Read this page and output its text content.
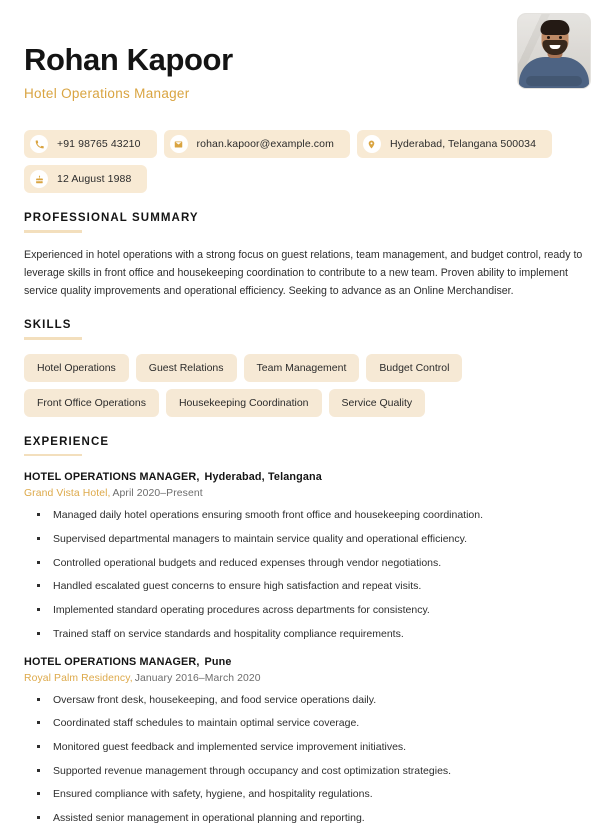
Rohan Kapoor
Hotel Operations Manager
+91 98765 43210	rohan.kapoor@example.com	Hyderabad, Telangana 500034
12 August 1988
PROFESSIONAL SUMMARY

Experienced in hotel operations with a strong focus on guest relations, team management, and budget control, ready to leverage skills in front office and housekeeping coordination to contribute to a new team. Proven ability to implement service quality improvements and operational efficiency. Seeking to advance as an Online Merchandiser.

SKILLS
Hotel Operations	Guest Relations	Team Management	Budget Control
Front Office Operations	Housekeeping Coordination	Service Quality
EXPERIENCE
HOTEL OPERATIONS MANAGER, Hyderabad, Telangana
Grand Vista Hotel, April 2020–Present
Managed daily hotel operations ensuring smooth front office and housekeeping coordination.
Supervised departmental managers to maintain service quality and operational efficiency.
Controlled operational budgets and reduced expenses through vendor negotiations.
Handled escalated guest concerns to ensure high satisfaction and repeat visits.
Implemented standard operating procedures across departments for consistency.
Trained staff on service standards and hospitality compliance requirements.
HOTEL OPERATIONS MANAGER, Pune
Royal Palm Residency, January 2016–March 2020
Oversaw front desk, housekeeping, and food service operations daily.
Coordinated staff schedules to maintain optimal service coverage.
Monitored guest feedback and implemented service improvement initiatives.
Supported revenue management through occupancy and cost optimization strategies.
Ensured compliance with safety, hygiene, and hospitality regulations.
Assisted senior management in operational planning and reporting.
